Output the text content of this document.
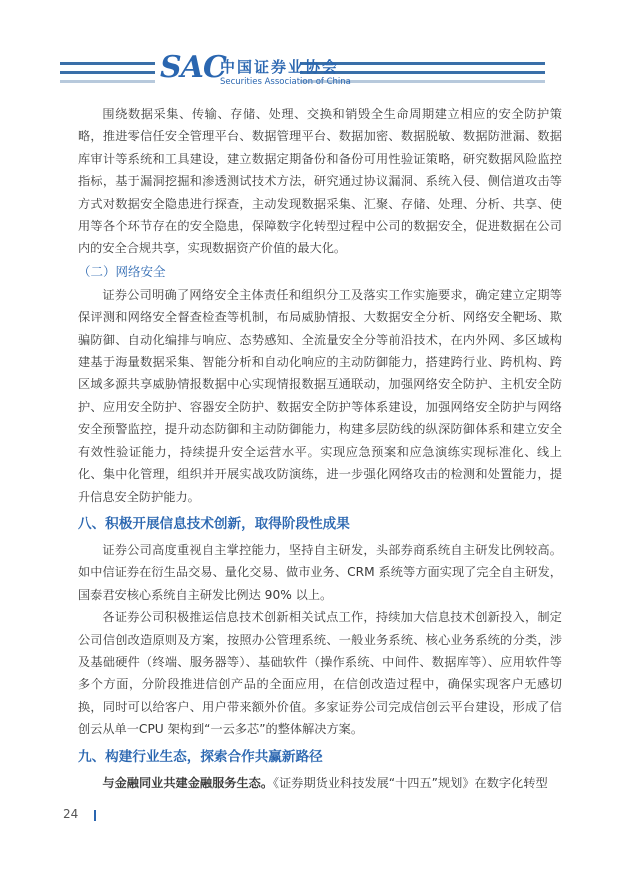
SAC
中国证券业协会
Securities Association of China

围绕数据采集、传输、存储、处理、交换和销毁全生命周期建立相应的安全防护策略，推进零信任安全管理平台、数据管理平台、数据加密、数据脱敏、数据防泄漏、数据库审计等系统和工具建设，建立数据定期备份和备份可用性验证策略，研究数据风险监控指标，基于漏洞挖掘和渗透测试技术方法，研究通过协议漏洞、系统入侵、侧信道攻击等方式对数据安全隐患进行探查，主动发现数据采集、汇聚、存储、处理、分析、共享、使用等各个环节存在的安全隐患，保障数字化转型过程中公司的数据安全，促进数据在公司内的安全合规共享，实现数据资产价值的最大化。

（二）网络安全

证券公司明确了网络安全主体责任和组织分工及落实工作实施要求，确定建立定期等保评测和网络安全督查检查等机制，布局威胁情报、大数据安全分析、网络安全靶场、欺骗防御、自动化编排与响应、态势感知、全流量安全分等前沿技术，在内外网、多区域构建基于海量数据采集、智能分析和自动化响应的主动防御能力，搭建跨行业、跨机构、跨区域多源共享威胁情报数据中心实现情报数据互通联动，加强网络安全防护、主机安全防护、应用安全防护、容器安全防护、数据安全防护等体系建设，加强网络安全防护与网络安全预警监控，提升动态防御和主动防御能力，构建多层防线的纵深防御体系和建立安全有效性验证能力，持续提升安全运营水平。实现应急预案和应急演练实现标准化、线上化、集中化管理，组织并开展实战攻防演练，进一步强化网络攻击的检测和处置能力，提升信息安全防护能力。

八、积极开展信息技术创新，取得阶段性成果

证券公司高度重视自主掌控能力，坚持自主研发，头部券商系统自主研发比例较高。如中信证券在衍生品交易、量化交易、做市业务、CRM 系统等方面实现了完全自主研发，国泰君安核心系统自主研发比例达 90% 以上。

各证券公司积极推运信息技术创新相关试点工作，持续加大信息技术创新投入，制定公司信创改造原则及方案，按照办公管理系统、一般业务系统、核心业务系统的分类，涉及基础硬件（终端、服务器等）、基础软件（操作系统、中间件、数据库等）、应用软件等多个方面，分阶段推进信创产品的全面应用，在信创改造过程中，确保实现客户无感切换，同时可以给客户、用户带来额外价值。多家证券公司完成信创云平台建设，形成了信创云从单一CPU 架构到“一云多芯”的整体解决方案。

九、构建行业生态，探索合作共赢新路径

与金融同业共建金融服务生态。《证券期货业科技发展“十四五”规划》在数字化转型

24
